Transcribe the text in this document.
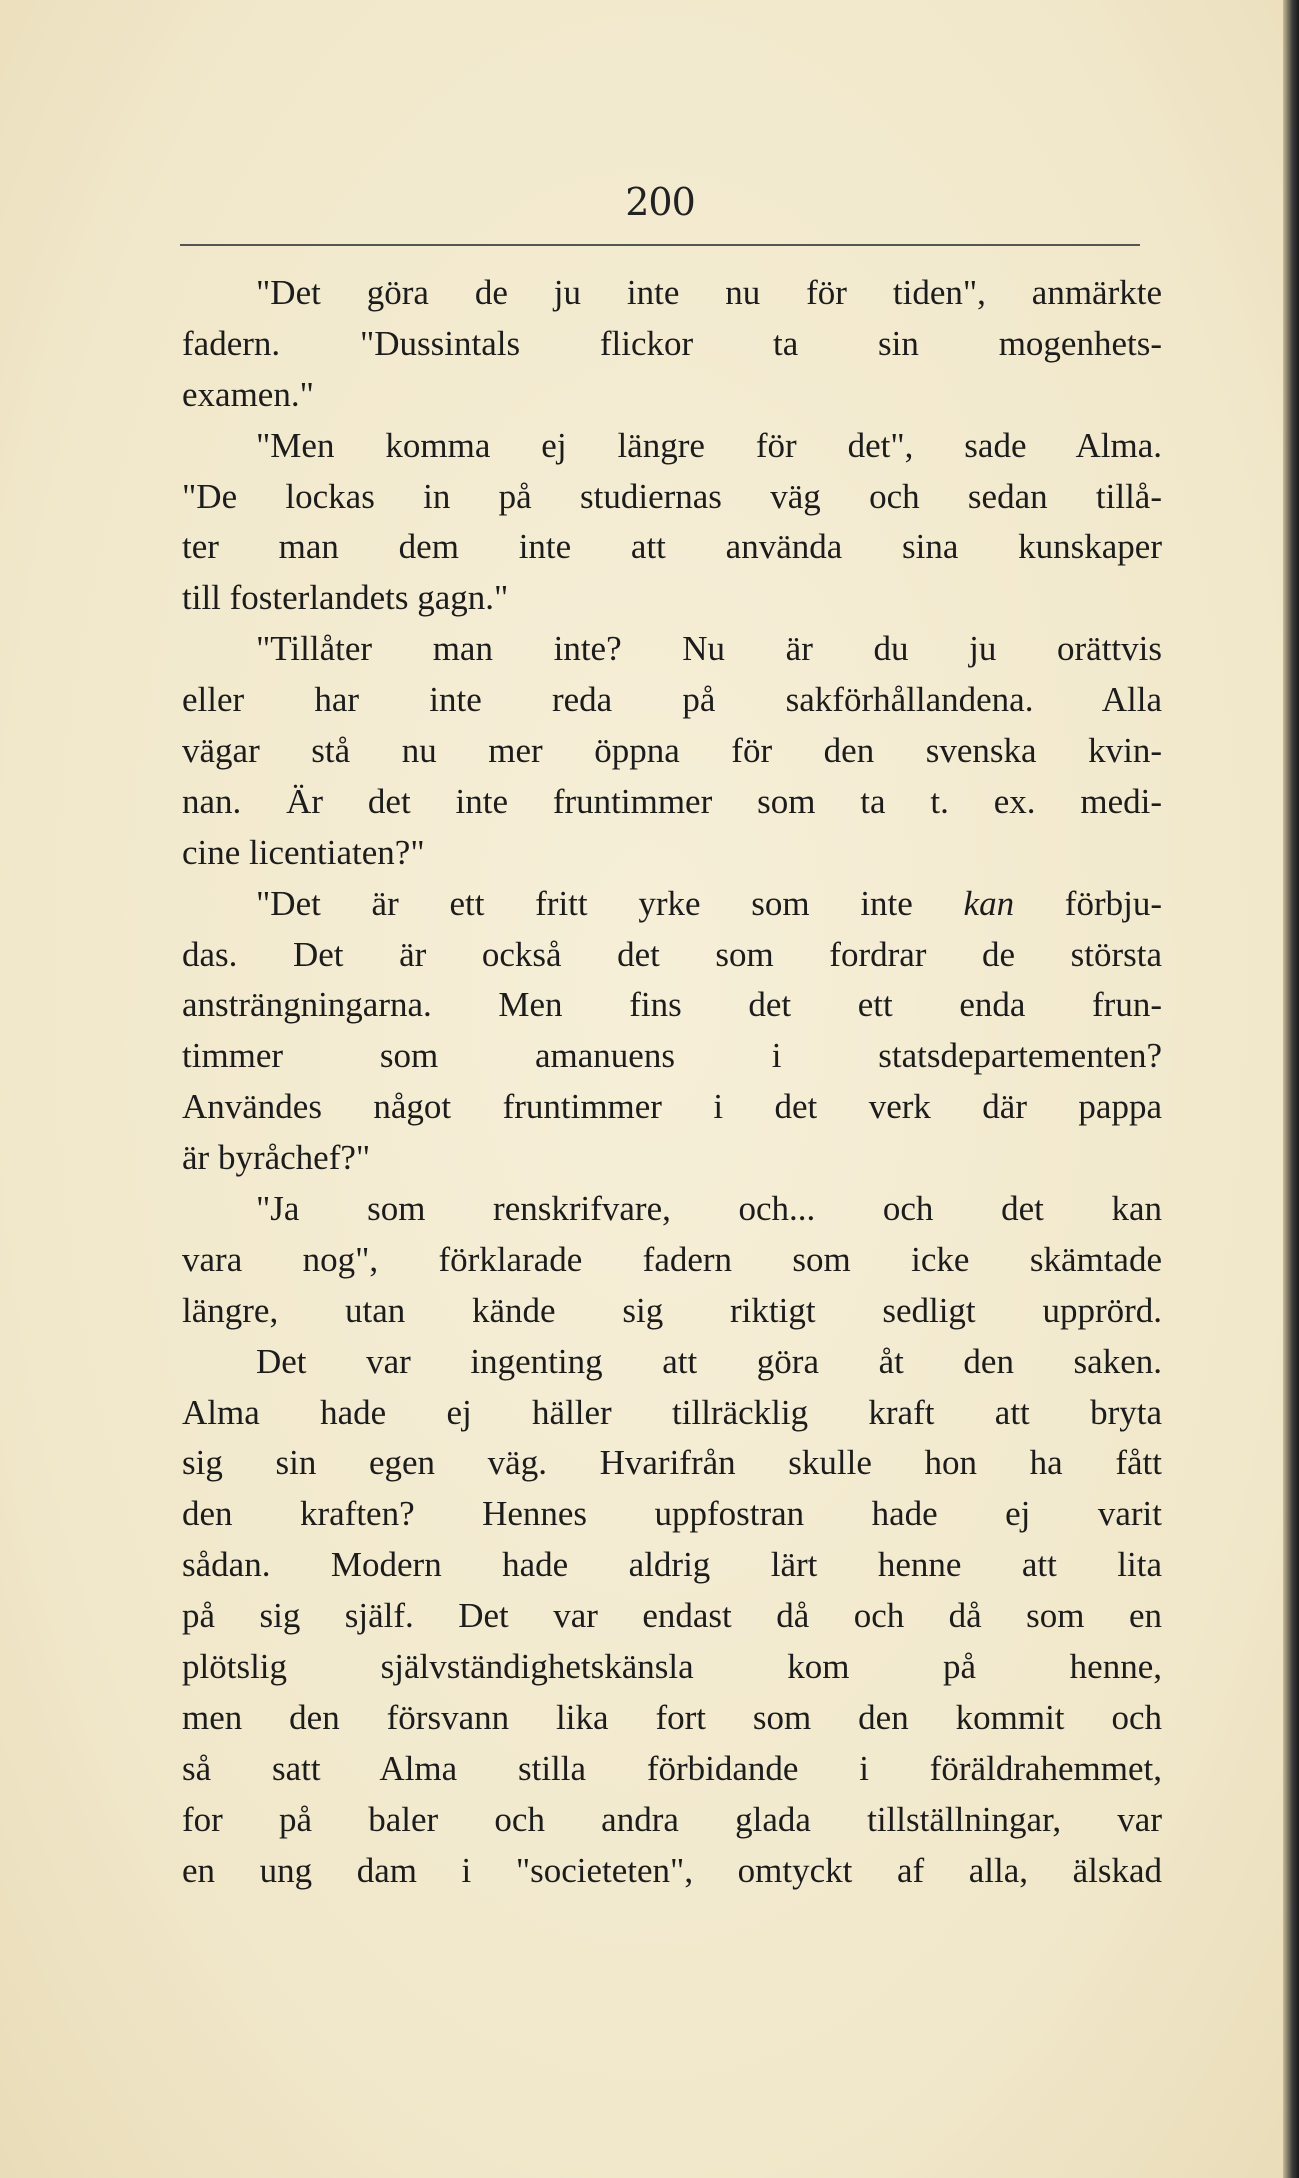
200
"Det göra de ju inte nu för tiden", anmärkte
fadern. "Dussintals flickor ta sin mogenhets-
examen."
"Men komma ej längre för det", sade Alma.
"De lockas in på studiernas väg och sedan tillå-
ter man dem inte att använda sina kunskaper
till fosterlandets gagn."
"Tillåter man inte? Nu är du ju orättvis
eller har inte reda på sakförhållandena. Alla
vägar stå nu mer öppna för den svenska kvin-
nan. Är det inte fruntimmer som ta t. ex. medi-
cine licentiaten?"
"Det är ett fritt yrke som inte kan förbju-
das. Det är också det som fordrar de största
ansträngningarna. Men fins det ett enda frun-
timmer som amanuens i statsdepartementen?
Användes något fruntimmer i det verk där pappa
är byråchef?"
"Ja som renskrifvare, och... och det kan
vara nog", förklarade fadern som icke skämtade
längre, utan kände sig riktigt sedligt upprörd.
Det var ingenting att göra åt den saken.
Alma hade ej häller tillräcklig kraft att bryta
sig sin egen väg. Hvarifrån skulle hon ha fått
den kraften? Hennes uppfostran hade ej varit
sådan. Modern hade aldrig lärt henne att lita
på sig själf. Det var endast då och då som en
plötslig självständighetskänsla kom på henne,
men den försvann lika fort som den kommit och
så satt Alma stilla förbidande i föräldrahemmet,
for på baler och andra glada tillställningar, var
en ung dam i "societeten", omtyckt af alla, älskad
